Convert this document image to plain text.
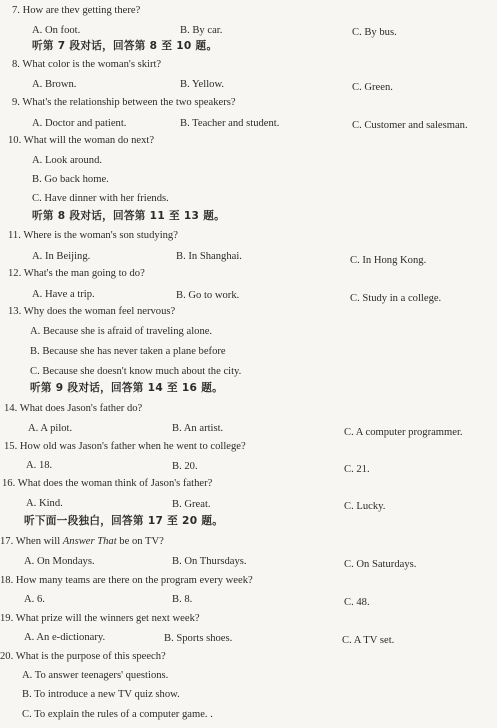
7. How are thev getting there?
A. On foot.	B. By car.	C. By bus.
听第 7 段对话，回答第 8 至 10 题。
8. What color is the woman's skirt?
A. Brown.	B. Yellow.	C. Green.
9. What's the relationship between the two speakers?
A. Doctor and patient.	B. Teacher and student.	C. Customer and salesman.
10. What will the woman do next?
A. Look around.
B. Go back home.
C. Have dinner with her friends.
听第 8 段对话，回答第 11 至 13 题。
11. Where is the woman's son studying?
A. In Beijing.	B. In Shanghai.	C. In Hong Kong.
12. What's the man going to do?
A. Have a trip.	B. Go to work.	C. Study in a college.
13. Why does the woman feel nervous?
A. Because she is afraid of traveling alone.
B. Because she has never taken a plane before
C. Because she doesn't know much about the city.
听第 9 段对话，回答第 14 至 16 题。
14. What does Jason's father do?
A. A pilot.	B. An artist.	C. A computer programmer.
15. How old was Jason's father when he went to college?
A. 18.	B. 20.	C. 21.
16. What does the woman think of Jason's father?
A. Kind.	B. Great.	C. Lucky.
听下面一段独白，回答第 17 至 20 题。
17. When will Answer That be on TV?
A. On Mondays.	B. On Thursdays.	C. On Saturdays.
18. How many teams are there on the program every week?
A. 6.	B. 8.	C. 48.
19. What prize will the winners get next week?
A. An e-dictionary.	B. Sports shoes.	C. A TV set.
20. What is the purpose of this speech?
A. To answer teenagers' questions.
B. To introduce a new TV quiz show.
C. To explain the rules of a computer game. .
